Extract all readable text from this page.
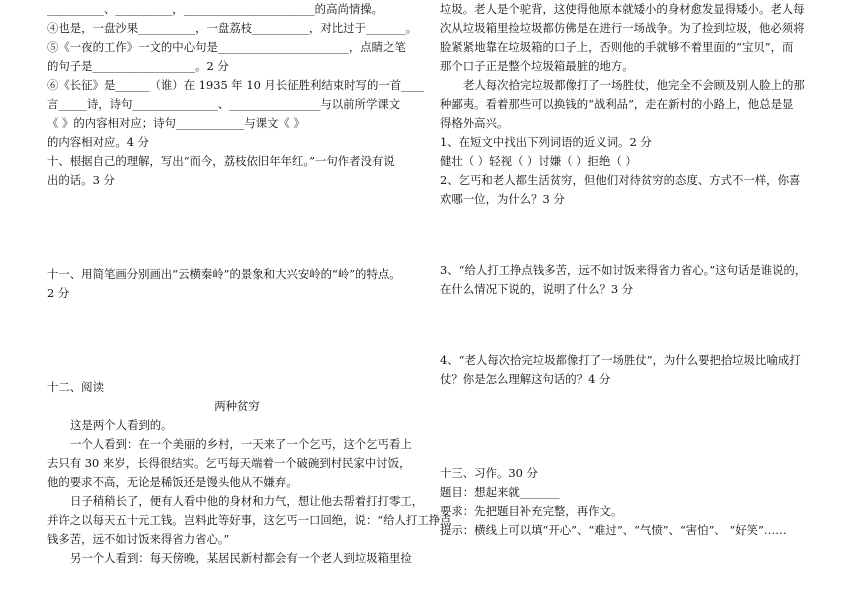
__________、__________，_______________________的高尚情操。
④也是，一盘沙果__________，一盘荔枝__________，对比过于_______。
⑤《一夜的工作》一文的中心句是_______________________，点睛之笔
的句子是__________________。2 分
⑥《长征》是______（谁）在 1935 年 10 月长征胜利结束时写的一首____
言_____诗，诗句_______________、________________与以前所学课文
《 》的内容相对应；诗句____________与课文《 》
的内容相对应。4 分
十、根据自己的理解，写出“而今，荔枝依旧年年红。”一句作者没有说
出的话。3 分
十一、用简笔画分别画出“云横秦岭”的景象和大兴安岭的“岭”的特点。
2 分
十二、阅读
两种贫穷
这是两个人看到的。
一个人看到：在一个美丽的乡村，一天来了一个乞丐，这个乞丐看上
去只有 30 来岁，长得很结实。乞丐每天端着一个破碗到村民家中讨饭，
他的要求不高，无论是稀饭还是馒头他从不嫌弃。
日子稍稍长了，便有人看中他的身材和力气，想让他去帮着打打零工，
并许之以每天五十元工钱。岂料此等好事，这乞丐一口回绝，说：“给人打工挣点
钱多苦，远不如讨饭来得省力省心。”
另一个人看到：每天傍晚，某居民新村都会有一个老人到垃圾箱里捡
垃圾。老人是个驼背，这使得他原本就矮小的身材愈发显得矮小。老人每
次从垃圾箱里捡垃圾都仿佛是在进行一场战争。为了捡到垃圾，他必须将
脸紧紧地靠在垃圾箱的口子上，否则他的手就够不着里面的“宝贝”，而
那个口子正是整个垃圾箱最脏的地方。
老人每次拾完垃圾都像打了一场胜仗，他完全不会顾及别人脸上的那
种鄙夷。看着那些可以换钱的“战利品”，走在新村的小路上，他总是显
得格外高兴。
1、在短文中找出下列词语的近义词。2 分
健壮（ ）轻视（ ）讨嫌（ ）拒绝（ ）
2、乞丐和老人都生活贫穷，但他们对待贫穷的态度、方式不一样，你喜
欢哪一位，为什么？3 分
3、“给人打工挣点钱多苦，远不如讨饭来得省力省心。”这句话是谁说的，
在什么情况下说的，说明了什么？3 分
4、“老人每次拾完垃圾都像打了一场胜仗”，为什么要把拾垃圾比喻成打
仗？你是怎么理解这句话的？4 分
十三、习作。30 分
题目：想起来就_______
要求：先把题目补充完整，再作文。
提示：横线上可以填“开心”、“难过”、“气愤”、“害怕”、 “好笑”……
